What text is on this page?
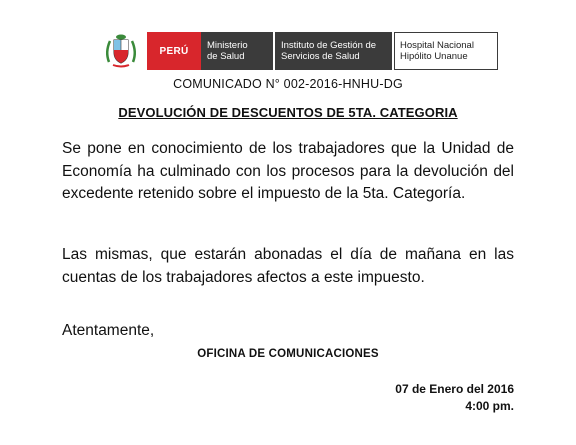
PERÚ	Ministerio
de Salud
Instituto de Gestión de
Servicios de Salud
Hospital Nacional
Hipólito Unanue
COMUNICADO N° 002-2016-HNHU-DG
DEVOLUCIÓN DE DESCUENTOS DE 5TA. CATEGORIA

Se pone en conocimiento de los trabajadores que la Unidad de Economía ha culminado con los procesos para la devolución del excedente retenido sobre el impuesto de la 5ta. Categoría.

Las mismas, que estarán abonadas el día de mañana en las cuentas de los trabajadores afectos a este impuesto.

Atentamente,
OFICINA DE COMUNICACIONES
07 de Enero del 2016
4:00 pm.
